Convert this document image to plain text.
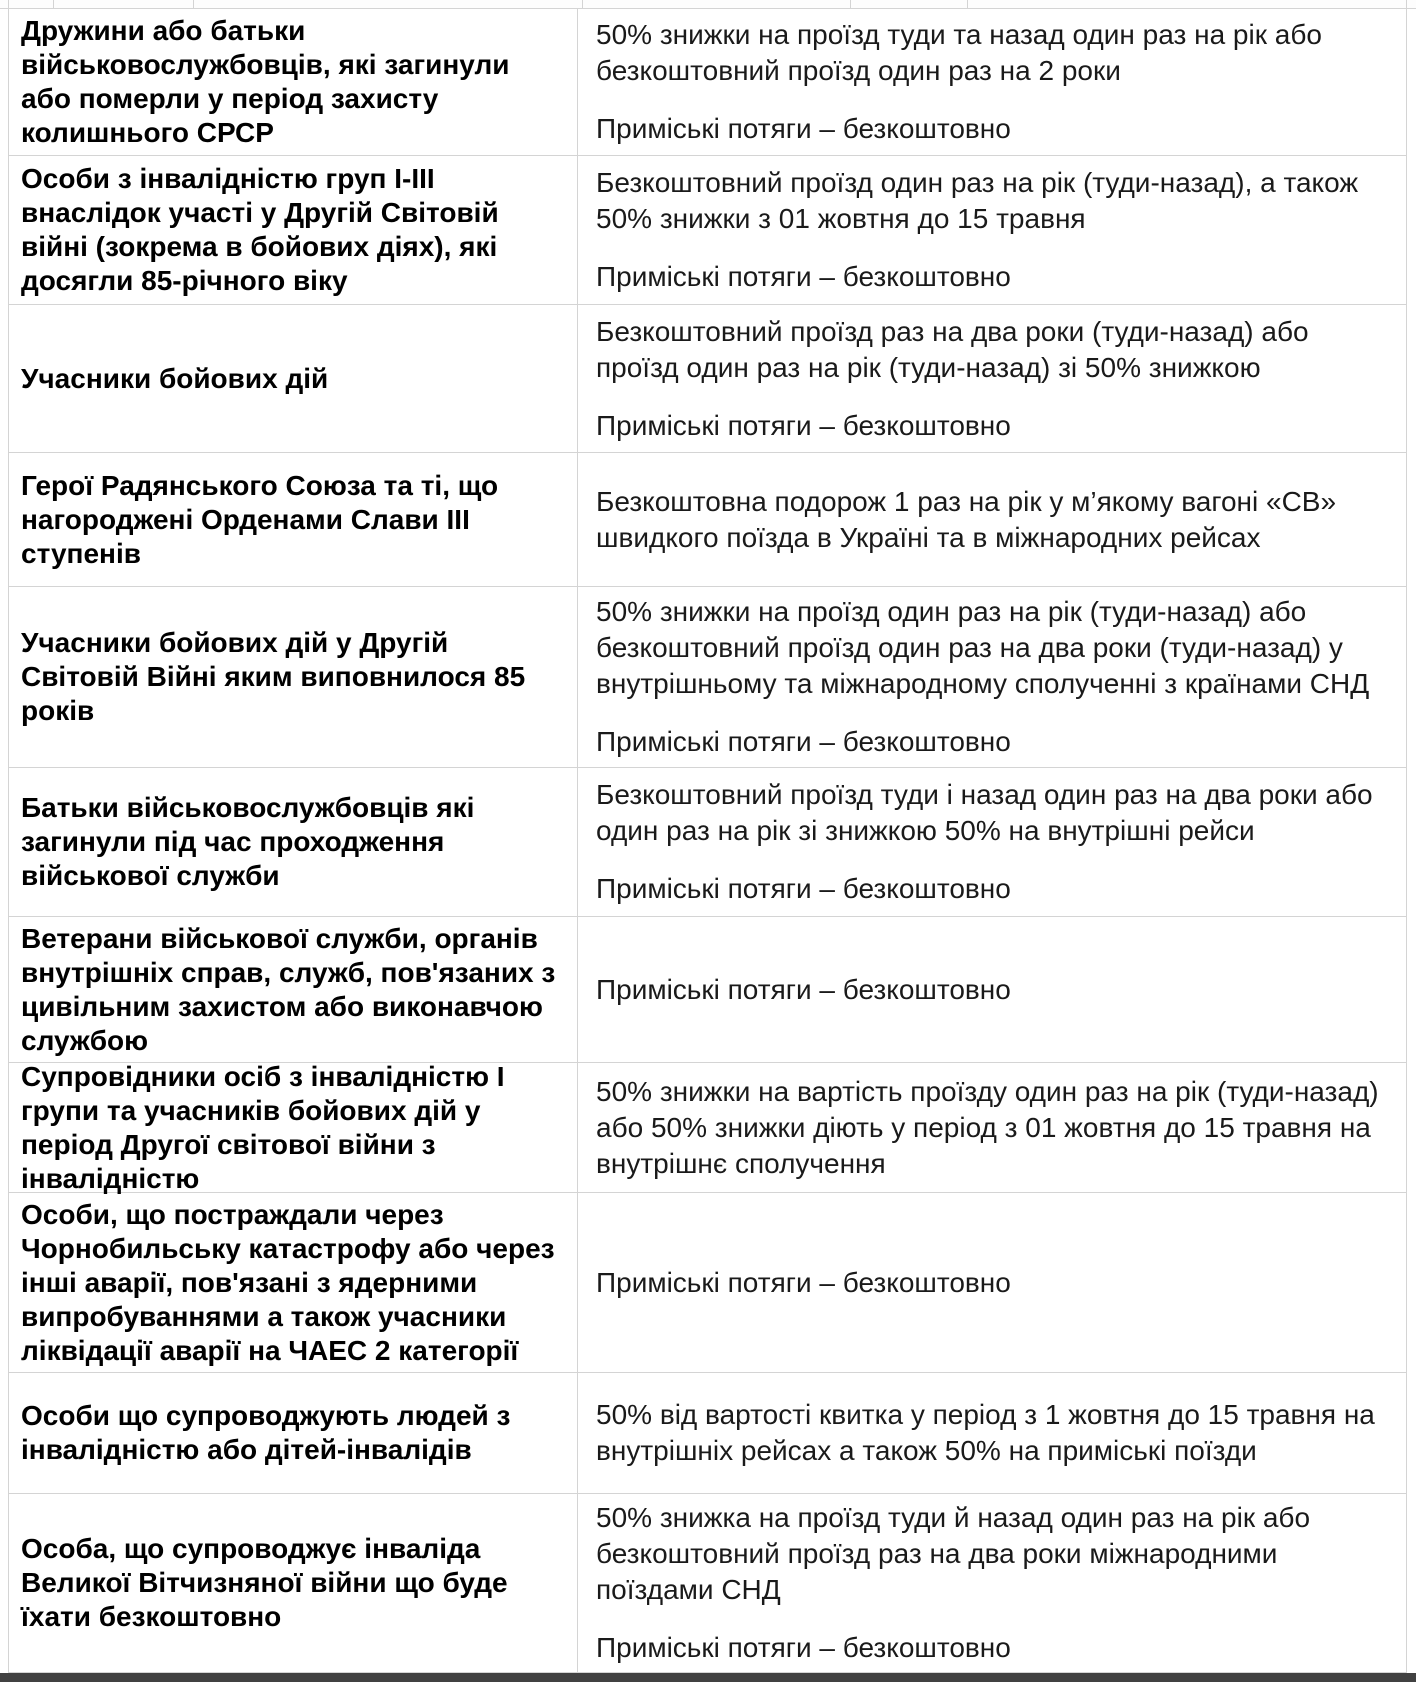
Дружини або батьки військовослужбовців, які загинули або померли у період захисту колишнього СРСР

50% знижки на проїзд туди та назад один раз на рік або безкоштовний проїзд один раз на 2 роки

Приміські потяги – безкоштовно

Особи з інвалідністю груп I-III внаслідок участі у Другій Світовій війні (зокрема в бойових діях), які досягли 85-річного віку

Безкоштовний проїзд один раз на рік (туди-назад), а також 50% знижки з 01 жовтня до 15 травня

Приміські потяги – безкоштовно

Учасники бойових дій

Безкоштовний проїзд раз на два роки (туди-назад) або проїзд один раз на рік (туди-назад) зі 50% знижкою

Приміські потяги – безкоштовно

Герої Радянського Союза та ті, що нагороджені Орденами Слави III ступенів

Безкоштовна подорож 1 раз на рік у м’якому вагоні «СВ» швидкого поїзда в Україні та в міжнародних рейсах

Учасники бойових дій у Другій Світовій Війні яким виповнилося 85 років

50% знижки на проїзд один раз на рік (туди-назад) або безкоштовний проїзд один раз на два роки (туди-назад) у внутрішньому та міжнародному сполученні з країнами СНД

Приміські потяги – безкоштовно

Батьки військовослужбовців які загинули під час проходження військової служби

Безкоштовний проїзд туди і назад один раз на два роки або один раз на рік зі знижкою 50% на внутрішні рейси

Приміські потяги – безкоштовно

Ветерани військової служби, органів внутрішніх справ, служб, пов'язаних з цивільним захистом або виконавчою службою

Приміські потяги – безкоштовно

Супровідники осіб з інвалідністю I групи та учасників бойових дій у період Другої світової війни з інвалідністю

50% знижки на вартість проїзду один раз на рік (туди-назад) або 50% знижки діють у період з 01 жовтня до 15 травня на внутрішнє сполучення

Особи, що постраждали через Чорнобильську катастрофу або через інші аварії, пов'язані з ядерними випробуваннями а також учасники ліквідації аварії на ЧАЕС 2 категорії

Приміські потяги – безкоштовно

Особи що супроводжують людей з інвалідністю або дітей-інвалідів

50% від вартості квитка у період з 1 жовтня до 15 травня на внутрішніх рейсах а також 50% на приміські поїзди

Особа, що супроводжує інваліда Великої Вітчизняної війни що буде їхати безкоштовно

50% знижка на проїзд туди й назад один раз на рік або безкоштовний проїзд раз на два роки міжнародними поїздами СНД

Приміські потяги – безкоштовно
